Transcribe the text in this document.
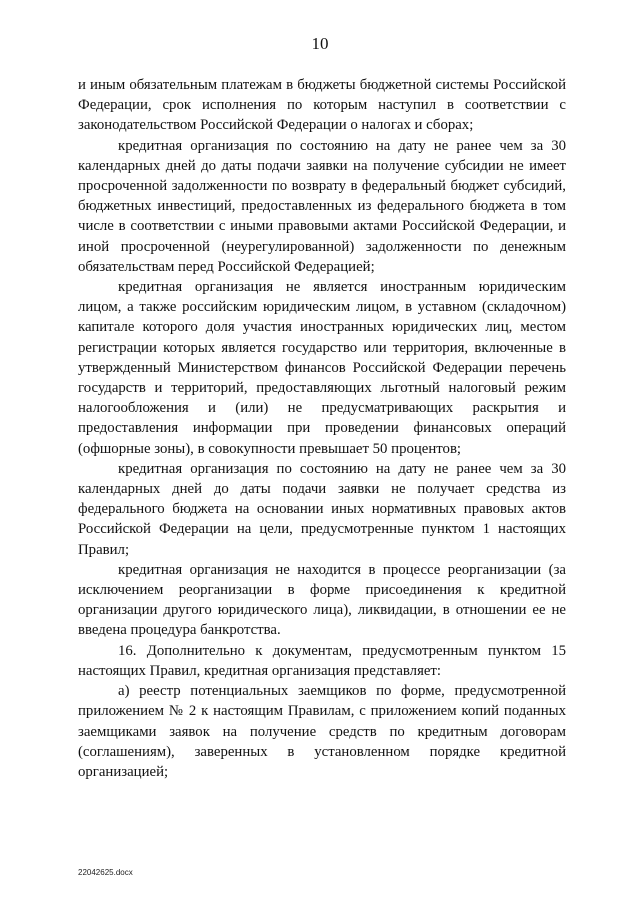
10

и иным обязательным платежам в бюджеты бюджетной системы Российской Федерации, срок исполнения по которым наступил в соответствии с законодательством Российской Федерации о налогах и сборах;

кредитная организация по состоянию на дату не ранее чем за 30 календарных дней до даты подачи заявки на получение субсидии не имеет просроченной задолженности по возврату в федеральный бюджет субсидий, бюджетных инвестиций, предоставленных из федерального бюджета в том числе в соответствии с иными правовыми актами Российской Федерации, и иной просроченной (неурегулированной) задолженности по денежным обязательствам перед Российской Федерацией;

кредитная организация не является иностранным юридическим лицом, а также российским юридическим лицом, в уставном (складочном) капитале которого доля участия иностранных юридических лиц, местом регистрации которых является государство или территория, включенные в утвержденный Министерством финансов Российской Федерации перечень государств и территорий, предоставляющих льготный налоговый режим налогообложения и (или) не предусматривающих раскрытия и предоставления информации при проведении финансовых операций (офшорные зоны), в совокупности превышает 50 процентов;

кредитная организация по состоянию на дату не ранее чем за 30 календарных дней до даты подачи заявки не получает средства из федерального бюджета на основании иных нормативных правовых актов Российской Федерации на цели, предусмотренные пунктом 1 настоящих Правил;

кредитная организация не находится в процессе реорганизации (за исключением реорганизации в форме присоединения к кредитной организации другого юридического лица), ликвидации, в отношении ее не введена процедура банкротства.

16. Дополнительно к документам, предусмотренным пунктом 15 настоящих Правил, кредитная организация представляет:

а) реестр потенциальных заемщиков по форме, предусмотренной приложением № 2 к настоящим Правилам, с приложением копий поданных заемщиками заявок на получение средств по кредитным договорам (соглашениям), заверенных в установленном порядке кредитной организацией;

22042625.docx
